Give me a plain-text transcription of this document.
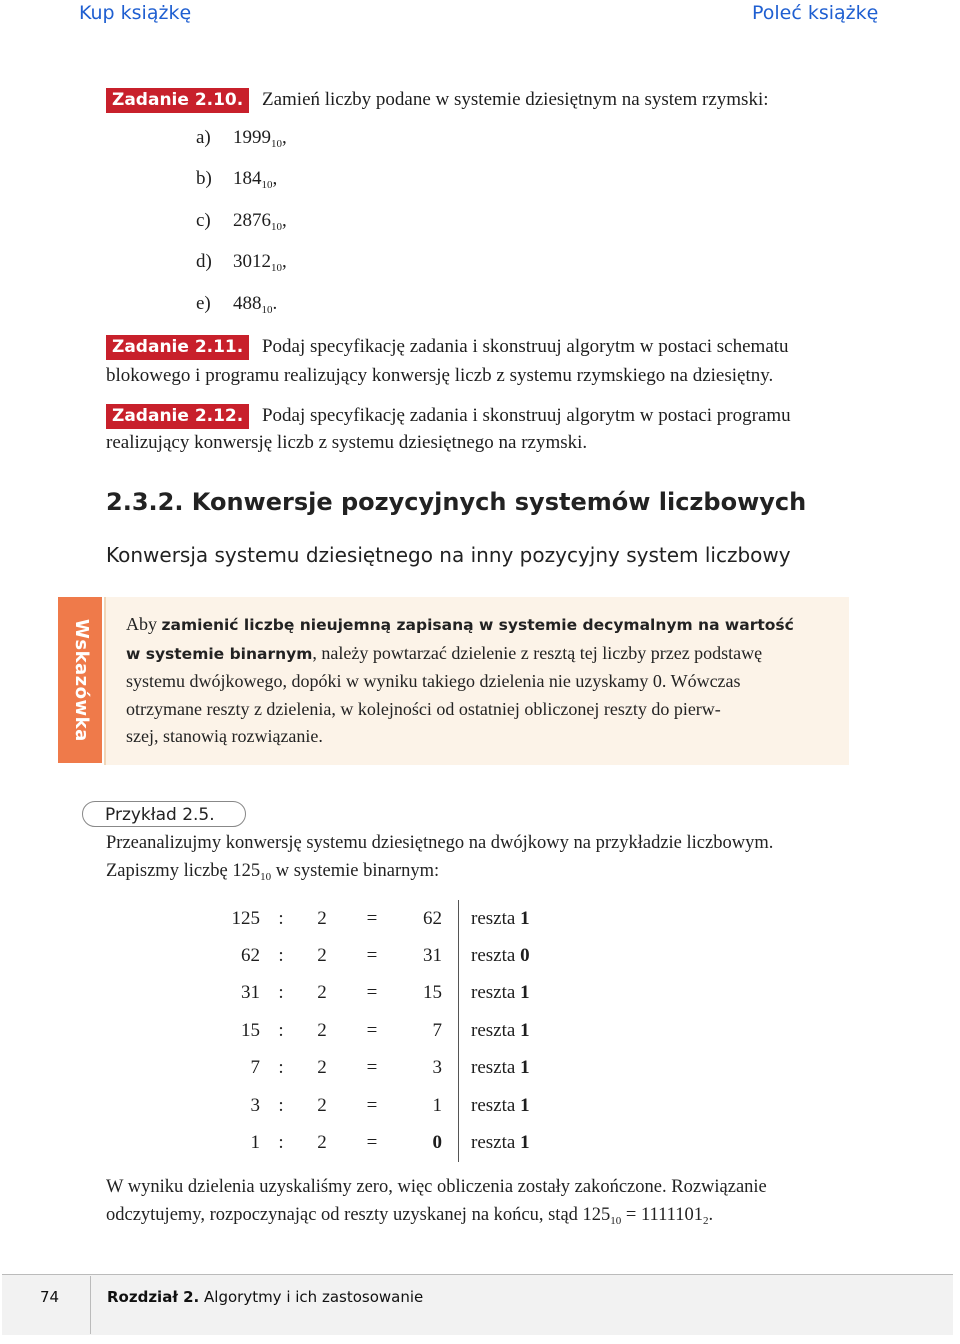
Kup książkę	Poleć książkę
Zadanie 2.10. Zamień liczby podane w systemie dziesiętnym na system rzymski:
a) $1999_{10}$,
b) $184_{10}$,
c) $2876_{10}$,
d) $3012_{10}$,
e) $488_{10}$.
Zadanie 2.11. Podaj specyfikację zadania i skonstruuj algorytm w postaci schematu
blokowego i programu realizujący konwersję liczb z systemu rzymskiego na dziesiętny.
Zadanie 2.12. Podaj specyfikację zadania i skonstruuj algorytm w postaci programu
realizujący konwersję liczb z systemu dziesiętnego na rzymski.
2.3.2. Konwersje pozycyjnych systemów liczbowych
Konwersja systemu dziesiętnego na inny pozycyjny system liczbowy
Wskazówka Aby zamienić liczbę nieujemną zapisaną w systemie decymalnym na wartość
w systemie binarnym, należy powtarzać dzielenie z resztą tej liczby przez podstawę
systemu dwójkowego, dopóki w wyniku takiego dzielenia nie uzyskamy 0. Wówczas
otrzymane reszty z dzielenia, w kolejności od ostatniej obliczonej reszty do pierw-
szej, stanowią rozwiązanie.
Przykład 2.5.
Przeanalizujmy konwersję systemu dziesiętnego na dwójkowy na przykładzie liczbowym.
Zapiszmy liczbę $125_{10}$ w systemie binarnym:
125	:	2	=	62	reszta 1
62	:	2	=	31	reszta 0
31	:	2	=	15	reszta 1
15	:	2	=	7	reszta 1
7	:	2	=	3	reszta 1
3	:	2	=	1	reszta 1
1	:	2	=	0	reszta 1
W wyniku dzielenia uzyskaliśmy zero, więc obliczenia zostały zakończone. Rozwiązanie
odczytujemy, rozpoczynając od reszty uzyskanej na końcu, stąd $125_{10} = 1111101_2$.
74	Rozdział 2. Algorytmy i ich zastosowanie
